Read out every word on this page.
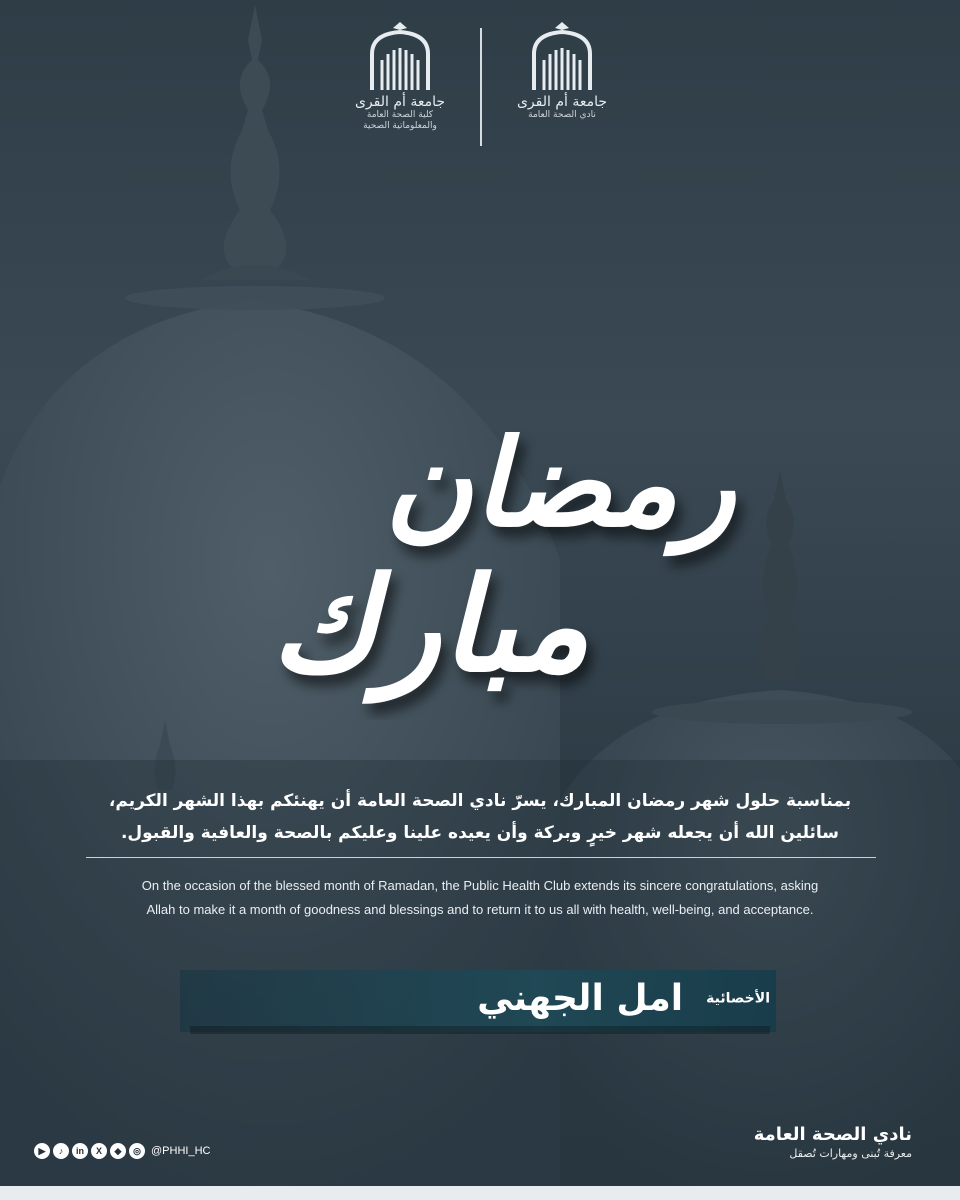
جامعة أم القرى
كلية الصحة العامة
والمعلوماتية الصحية
جامعة أم القرى
نادي الصحة العامة
رمضان
مبارك
بمناسبة حلول شهر رمضان المبارك، يسرّ نادي الصحة العامة أن يهنئكم بهذا الشهر الكريم،
سائلين الله أن يجعله شهر خيرٍ وبركة وأن يعيده علينا وعليكم بالصحة والعافية والقبول.
On the occasion of the blessed month of Ramadan, the Public Health Club extends its sincere congratulations, asking
Allah to make it a month of goodness and blessings and to return it to us all with health, well-being, and acceptance.
الأخصائية امل الجهني
▶	♪	in	X	◆	◎ @PHHI_HC
نادي الصحة العامة
معرفة تُبنى ومهارات تُصقل
